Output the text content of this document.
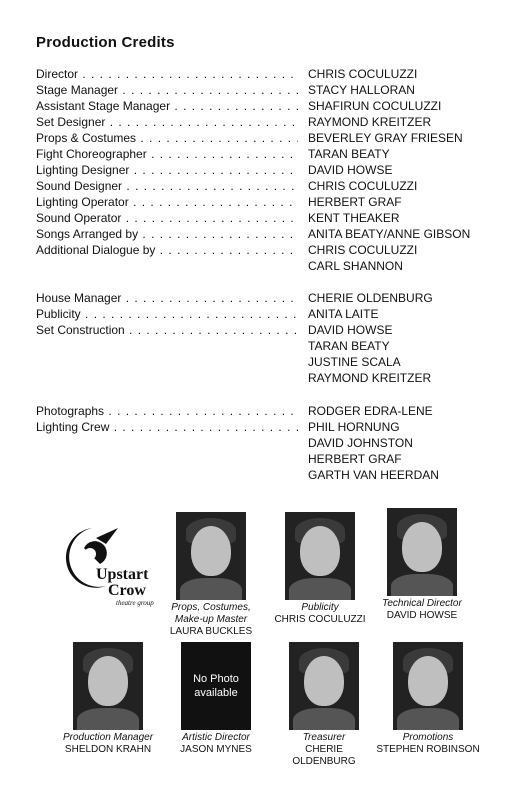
Production Credits
Director . . .	CHRIS COCULUZZI
Stage Manager . . .	STACY HALLORAN
Assistant Stage Manager . . .	SHAFIRUN COCULUZZI
Set Designer . . .	RAYMOND KREITZER
Props & Costumes . . .	BEVERLEY GRAY FRIESEN
Fight Choreographer . . .	TARAN BEATY
Lighting Designer . . .	DAVID HOWSE
Sound Designer . . .	CHRIS COCULUZZI
Lighting Operator . . .	HERBERT GRAF
Sound Operator . . .	KENT THEAKER
Songs Arranged by . . .	ANITA BEATY/ANNE GIBSON
Additional Dialogue by . . .	CHRIS COCULUZZI
CARL SHANNON
House Manager . . .	CHERIE OLDENBURG
Publicity . . .	ANITA LAITE
Set Construction . . .	DAVID HOWSE
TARAN BEATY
JUSTINE SCALA
RAYMOND KREITZER
Photographs . . .	RODGER EDRA-LENE
Lighting Crew . . .	PHIL HORNUNG
DAVID JOHNSTON
HERBERT GRAF
GARTH VAN HEERDAN
Upstart
Crow
theatre group	Props, Costumes, Make-up Master
LAURA BUCKLES
Publicity
CHRIS COCULUZZI
Technical Director
DAVID HOWSE
Production Manager
SHELDON KRAHN
No Photo available
Artistic Director
JASON MYNES
Treasurer
CHERIE OLDENBURG
Promotions
STEPHEN ROBINSON
